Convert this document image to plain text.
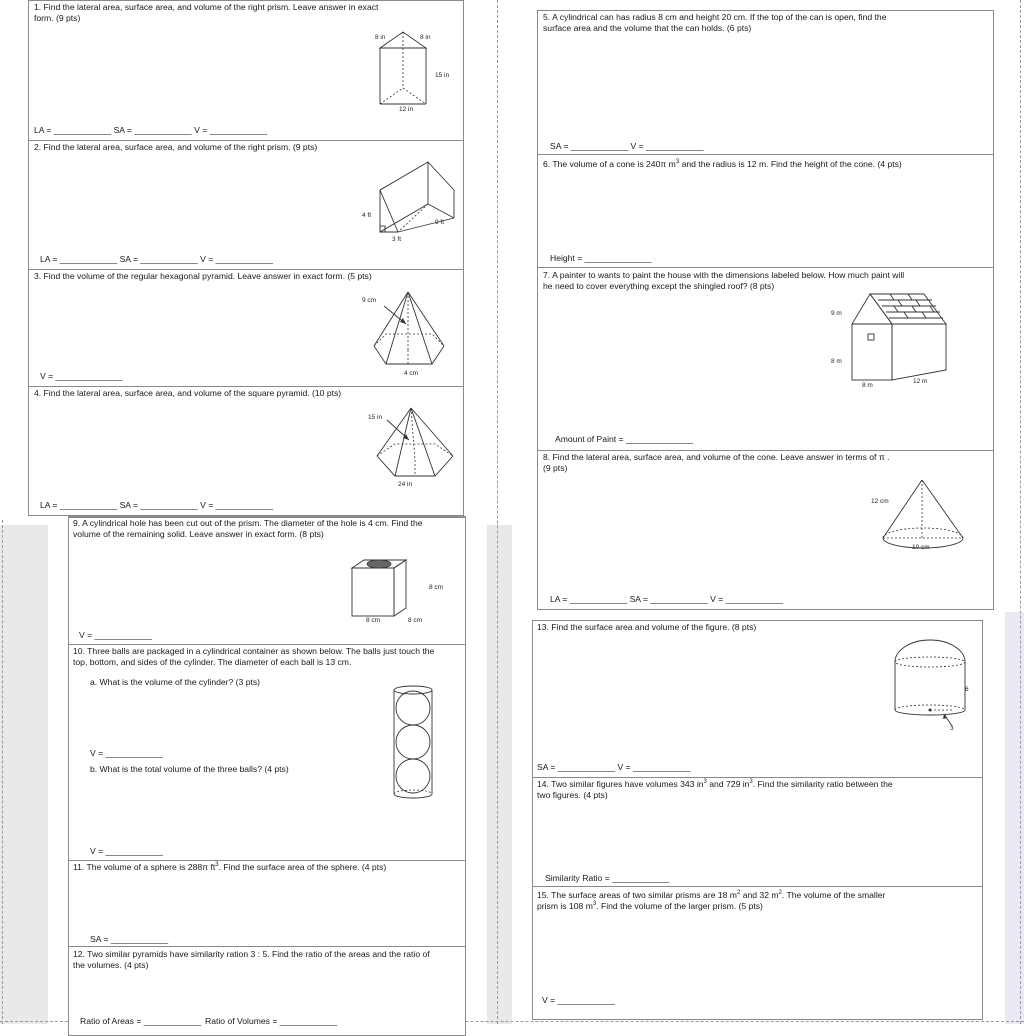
1. Find the lateral area, surface area, and volume of the right prism. Leave answer in exact
form. (9 pts)
8 in	8 in
15 in
12 in
LA = ____________ SA = ____________ V = ____________
2. Find the lateral area, surface area, and volume of the right prism. (9 pts)
4 ft
3 ft
9 ft
LA = ____________ SA = ____________ V = ____________
3. Find the volume of the regular hexagonal pyramid. Leave answer in exact form. (5 pts)
9 cm
4 cm
V = ______________
4. Find the lateral area, surface area, and volume of the square pyramid. (10 pts)
15 in
24 in
LA = ____________ SA = ____________ V = ____________
9. A cylindrical hole has been cut out of the prism. The diameter of the hole is 4 cm. Find the
volume of the remaining solid. Leave answer in exact form. (8 pts)
8 cm
8 cm	8 cm
V = ____________
10. Three balls are packaged in a cylindrical container as shown below. The balls just touch the
top, bottom, and sides of the cylinder. The diameter of each ball is 13 cm.
a. What is the volume of the cylinder? (3 pts)
V = ____________
b. What is the total volume of the three balls? (4 pts)
V = ____________
11. The volume of a sphere is 288π $ft^3$. Find the surface area of the sphere. (4 pts)
SA = ____________
12. Two similar pyramids have similarity ration 3 : 5. Find the ratio of the areas and the ratio of
the volumes. (4 pts)
Ratio of Areas = ____________ Ratio of Volumes = ____________
5. A cylindrical can has radius 8 cm and height 20 cm. If the top of the can is open, find the
surface area and the volume that the can holds. (6 pts)
SA = ____________ V = ____________
6. The volume of a cone is 240π $m^3$ and the radius is 12 m. Find the height of the cone. (4 pts)
Height = ______________
7. A painter to wants to paint the house with the dimensions labeled below. How much paint will
he need to cover everything except the shingled roof? (8 pts)
9 m
8 m
8 m
12 m
Amount of Paint = ______________
8. Find the lateral area, surface area, and volume of the cone. Leave answer in terms of π .
(9 pts)
12 cm
10 cm
LA = ____________ SA = ____________ V = ____________
13. Find the surface area and volume of the figure. (8 pts)
6
3
SA = ____________ V = ____________
14. Two similar figures have volumes 343 $in^3$ and 729 $in^3$. Find the similarity ratio between the
two figures. (4 pts)
Similarity Ratio = ____________
15. The surface areas of two similar prisms are 18 $m^2$ and 32 $m^2$. The volume of the smaller
prism is 108 $m^3$. Find the volume of the larger prism. (5 pts)
V = ____________
